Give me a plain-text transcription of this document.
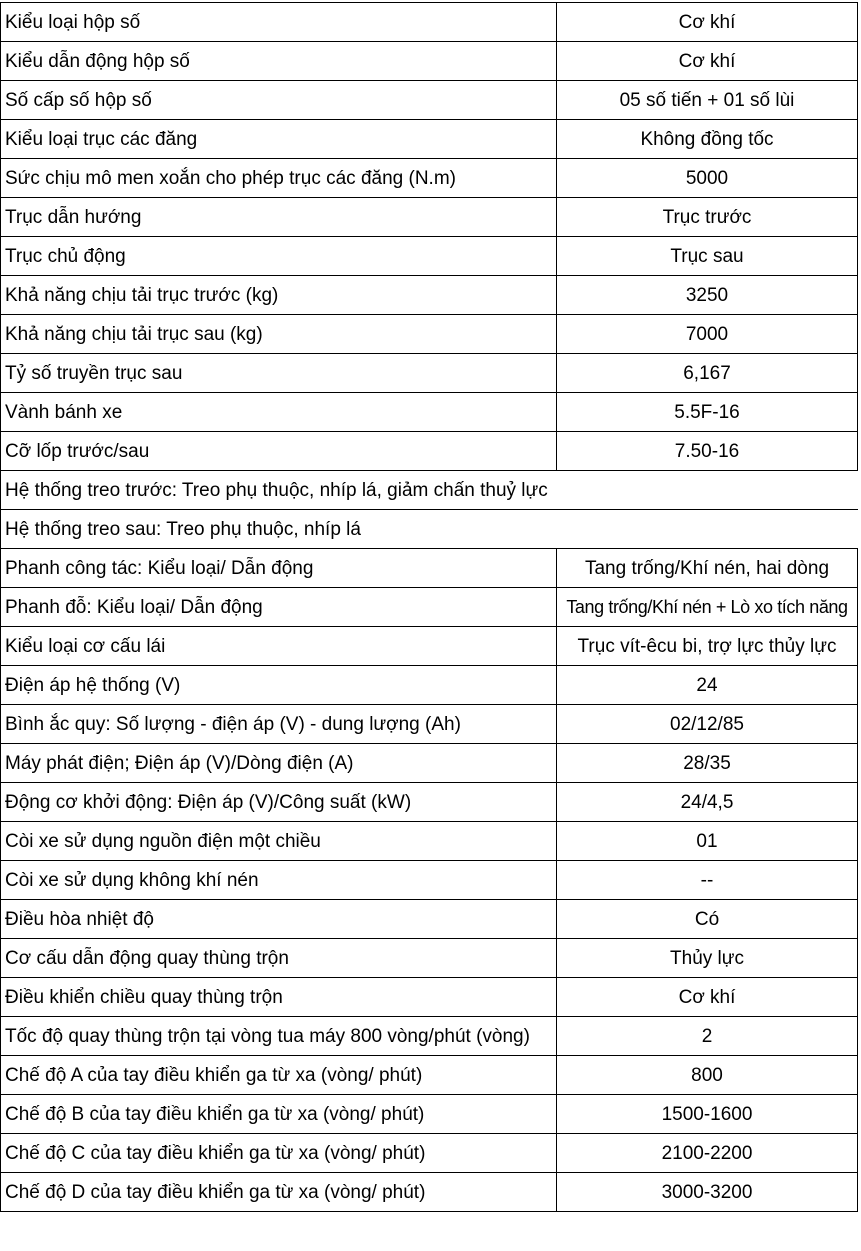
Kiểu loại hộp số	Cơ khí
Kiểu dẫn động hộp số	Cơ khí
Số cấp số hộp số	05 số tiến + 01 số lùi
Kiểu loại trục các đăng	Không đồng tốc
Sức chịu mô men xoắn cho phép trục các đăng (N.m)	5000
Trục dẫn hướng	Trục trước
Trục chủ động	Trục sau
Khả năng chịu tải trục trước (kg)	3250
Khả năng chịu tải trục sau (kg)	7000
Tỷ số truyền trục sau	6,167
Vành bánh xe	5.5F-16
Cỡ lốp trước/sau	7.50-16
Hệ thống treo trước: Treo phụ thuộc, nhíp lá, giảm chấn thuỷ lực	
Hệ thống treo sau: Treo phụ thuộc, nhíp lá	
Phanh công tác: Kiểu loại/ Dẫn động	Tang trống/Khí nén, hai dòng
Phanh đỗ: Kiểu loại/ Dẫn động	Tang trống/Khí nén + Lò xo tích năng
Kiểu loại cơ cấu lái	Trục vít-êcu bi, trợ lực thủy lực
Điện áp hệ thống (V)	24
Bình ắc quy: Số lượng - điện áp (V) - dung lượng (Ah)	02/12/85
Máy phát điện; Điện áp (V)/Dòng điện (A)	28/35
Động cơ khởi động: Điện áp (V)/Công suất (kW)	24/4,5
Còi xe sử dụng nguồn điện một chiều	01
Còi xe sử dụng không khí nén	--
Điều hòa nhiệt độ	Có
Cơ cấu dẫn động quay thùng trộn	Thủy lực
Điều khiển chiều quay thùng trộn	Cơ khí
Tốc độ quay thùng trộn tại vòng tua máy 800 vòng/phút (vòng)	2
Chế độ A của tay điều khiển ga từ xa (vòng/ phút)	800
Chế độ B của tay điều khiển ga từ xa (vòng/ phút)	1500-1600
Chế độ C của tay điều khiển ga từ xa (vòng/ phút)	2100-2200
Chế độ D của tay điều khiển ga từ xa (vòng/ phút)	3000-3200
